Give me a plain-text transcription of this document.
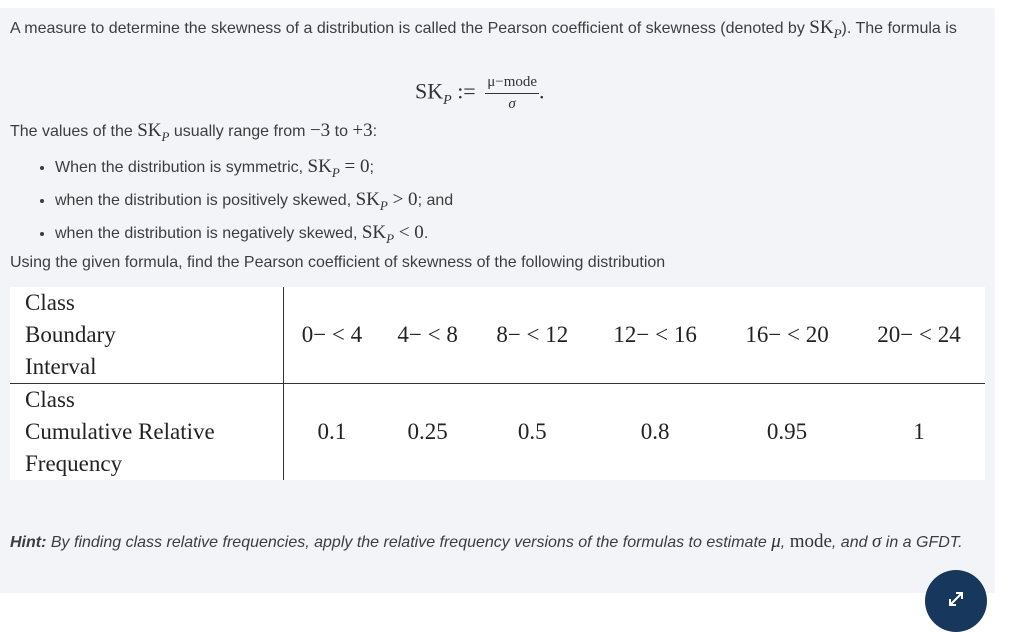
A measure to determine the skewness of a distribution is called the Pearson coefficient of skewness (denoted by $SK_P$). The formula is
$SK_P$ := $\frac{\text{μ−mode}}{\sigma}$ .
The values of the $SK_P$ usually range from −3 to +3:
• When the distribution is symmetric, $SK_P = 0$;
• when the distribution is positively skewed, $SK_P > 0$; and
• when the distribution is negatively skewed, $SK_P < 0$.
Using the given formula, find the Pearson coefficient of skewness of the following distribution
Class
Boundary
Interval	0− < 4	4− < 8	8− < 12	12− < 16	16− < 20	20− < 24
Class
Cumulative Relative
Frequency	0.1	0.25	0.5	0.8	0.95	1
Hint: By finding class relative frequencies, apply the relative frequency versions of the formulas to estimate μ, mode, and σ in a GFDT.
